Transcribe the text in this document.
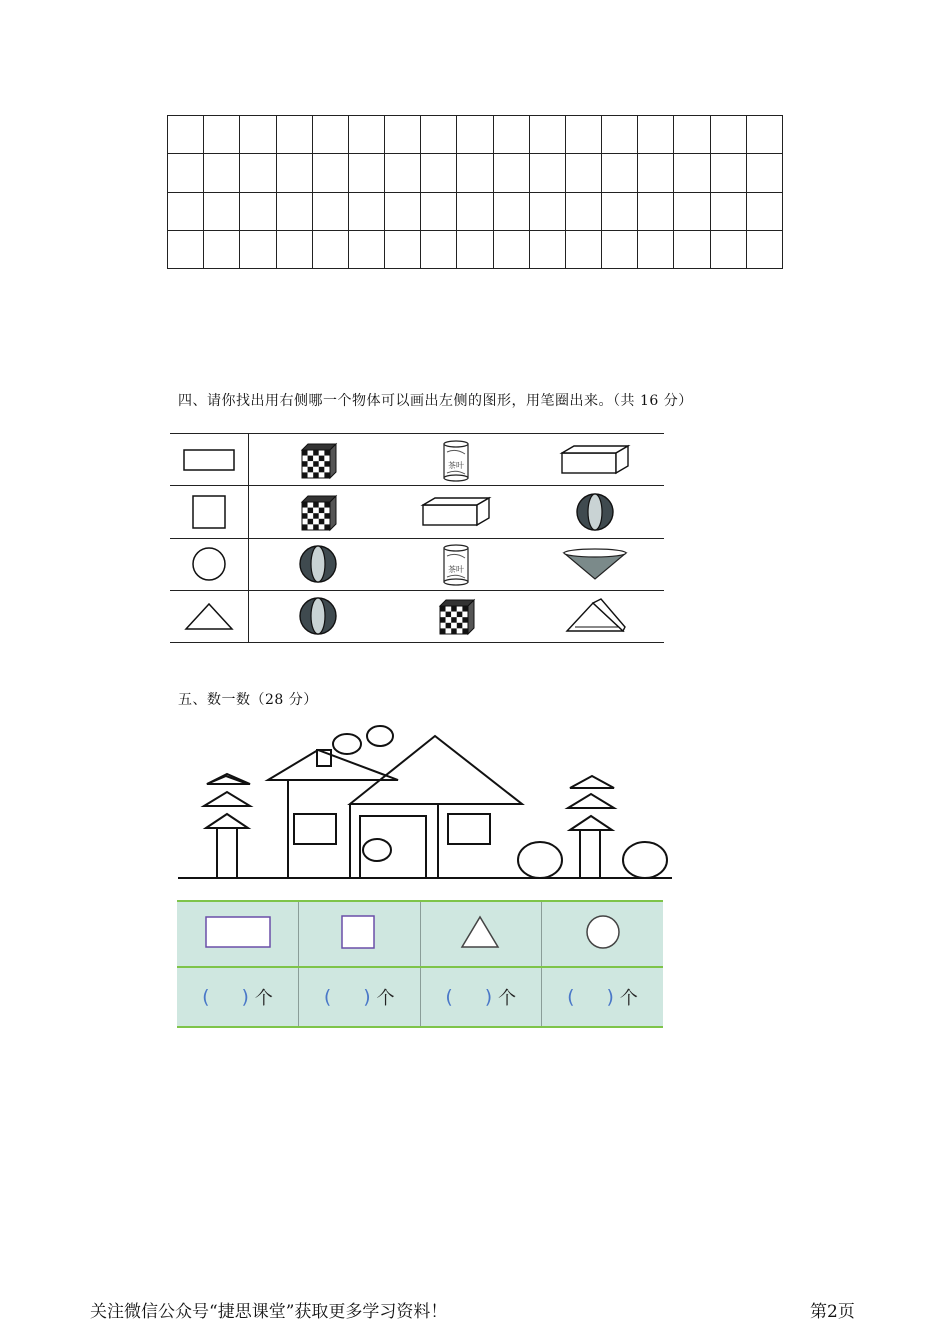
四、请你找出用右侧哪一个物体可以画出左侧的图形，用笔圈出来。（共 16 分）

茶叶

茶叶

五、数一数（28 分）

( ) 个	( ) 个	( ) 个	( ) 个
关注微信公众号“捷思课堂”获取更多学习资料！	第2页
